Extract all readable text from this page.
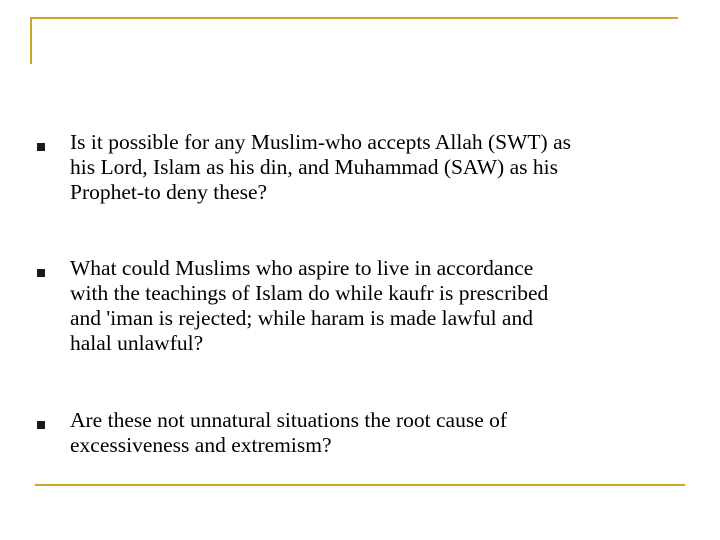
Is it possible for any Muslim-who accepts Allah (SWT) as
his Lord, Islam as his din, and Muhammad (SAW) as his
Prophet-to deny these?

What could Muslims who aspire to live in accordance
with the teachings of Islam do while kaufr is prescribed
and 'iman is rejected; while haram is made lawful and
halal unlawful?

Are these not unnatural situations the root cause of
excessiveness and extremism?
